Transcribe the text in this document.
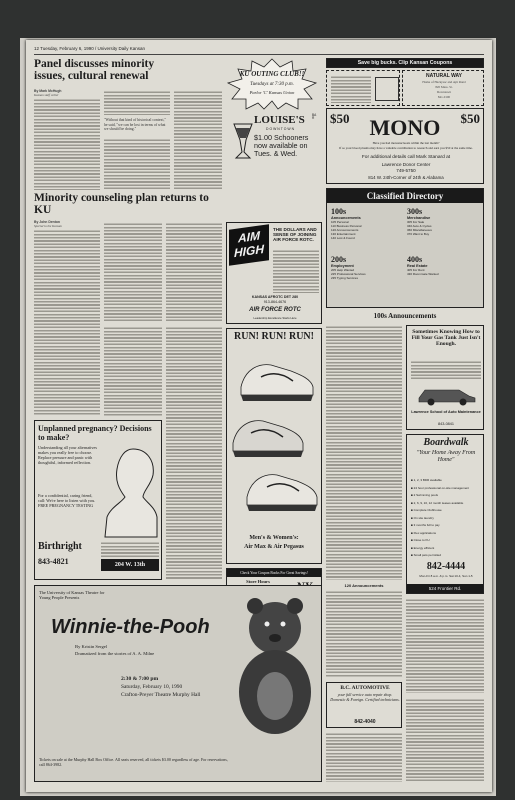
12 Tuesday, February 6, 1990 / University Daily Kansan
Panel discusses minority issues, cultural renewal
By Mark McHugh
Kansan staff writer
"Without that kind of historical context," he said, "we can be lost in terms of what we should be doing."
Minority counseling plan returns to KU
By John Denton
Special to the Kansan
KU OUTING CLUB!!
Tuesdays at 7:30 p.m.
Parlor 'C' Kansas Union
LOUISE'S
DOWNTOWN
BAR
$1.00 Schooners now available on Tues. & Wed.
Save big bucks. Clip Kansan Coupons
NATURAL WAY
Home of Hackysac and Ayn Rand
820 Mass. St.
Downtown
841-0100
$50	$50
MONO
Have you had mononucleosis within the last month?
If so your blood plasma may have a valuable contribution to research and earn you $50 at the same time.
For additional details call Mark Stanard at
Lawrence Donor Center
749-5750
814 W. 24th-Corner of 24th & Alabama
Classified Directory
100s
Announcements
105 Personal
110 Business Personal
120 Announcements
130 Entertainment
140 Lost & Found
300s
Merchandise
305 For Sale
340 Auto & Cycles
360 Miscellaneous
370 Want to Buy
200s
Employment
205 Help Wanted
225 Professional Services
235 Typing Services
400s
Real Estate
405 For Rent
430 Roommate Wanted
100s Announcements
Sometimes Knowing How to Fill Your Gas Tank Just Isn't Enough.
Lawrence School of Auto Maintenance
843-0841
Boardwalk
"Your Home Away From Home"
■ 1, 2, 3 BDR available
■ 24 hour professional on-site management
■ 2 Swimming pools
■ 2, 6, 9, 10, 12 month leases available
■ Complete Clubhouse
■ On site laundry
■ 3 months full to pay
■ Flex applications
■ Close to KU
■ Energy efficient
■ Small pets permitted
842-4444
Mon-Fri 8 a.m.-6 p.m. Sat 10-4, Sun 1-5
524 Frontier Rd.
120 Announcements
B.C. AUTOMOTIVE
your full service auto repair shop. Domestic & Foreign. Certified technicians.
842-4040
AIM
HIGH
THE DOLLARS AND SENSE OF JOINING AIR FORCE ROTC.
KANSAS AFROTC DET 280
913-864-4676
AIR FORCE ROTC
Leadership Excellence Starts Here
RUN! RUN! RUN!
Men's & Women's:
Air Max & Air Pegasus
Check Your Coupon Books For Great Savings!
Store Hours
Unplanned pregnancy? Decisions to make?
Understanding all your alternatives makes you really free to choose. Replace pressure and panic with thoughtful, informed reflection.
For a confidential, caring friend, call: We're here to listen with you. FREE PREGNANCY TESTING
Birthright
843-4821	204 W. 13th
The University of Kansas Theatre for Young People Presents
Winnie-the-Pooh
By Kristin Sergel
Dramatized from the stories of A. A. Milne
2:30 & 7:00 pm
Saturday, February 10, 1990
Crafton-Preyer Theatre Murphy Hall
Tickets on sale at the Murphy Hall Box Office. All seats reserved, all tickets $3.00 regardless of age. For reservations, call 864-3982.
